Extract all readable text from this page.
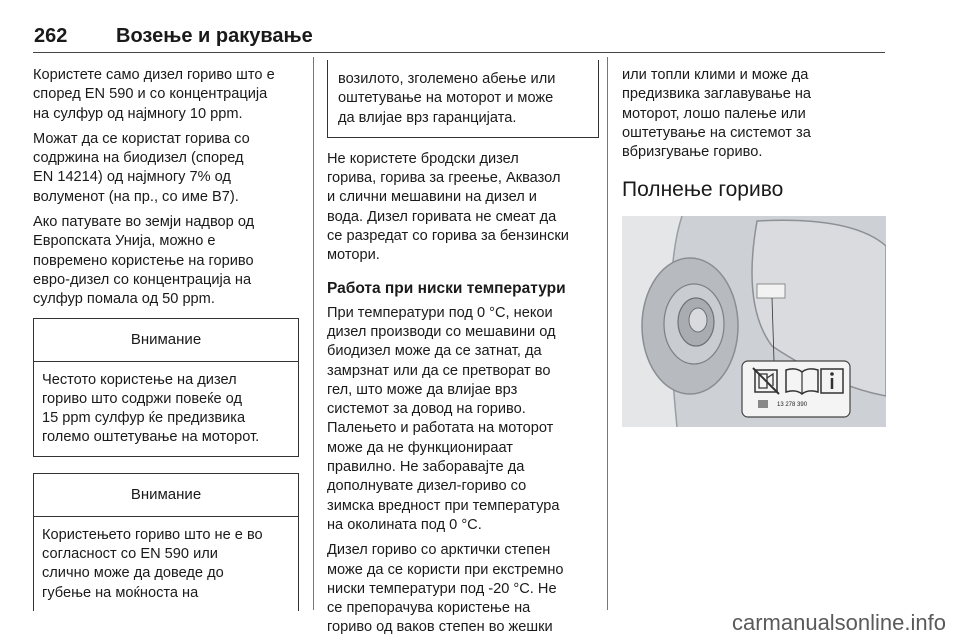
262 Возење и ракување

Користете само дизел гориво што е
според EN 590 и со концентрација
на сулфур од најмногу 10 ppm.

Можат да се користат горива со
содржина на биодизел (според
EN 14214) од најмногу 7% од
волуменот (на пр., со име B7).

Ако патувате во земји надвор од
Европската Унија, можно е
повремено користење на гориво
евро-дизел со концентрација на
сулфур помала од 50 ppm.

Внимание

Честото користење на дизел
гориво што содржи повеќе од
15 ppm сулфур ќе предизвика
големо оштетување на моторот.

Внимание

Користењето гориво што не е во
согласност со EN 590 или
слично може да доведе до
губење на моќноста на

возилото, зголемено абење или
оштетување на моторот и може
да влијае врз гаранцијата.

Не користете бродски дизел
горива, горива за греење, Аквазол
и слични мешавини на дизел и
вода. Дизел горивата не смеат да
се разредат со горива за бензински
мотори.

Работа при ниски температури

При температури под 0 °C, некои
дизел производи со мешавини од
биодизел може да се затнат, да
замрзнат или да се претворат во
гел, што може да влијае врз
системот за довод на гориво.
Палењето и работата на моторот
може да не функционираат
правилно. Не заборавајте да
дополнувате дизел-гориво со
зимска вредност при температура
на околината под 0 °C.

Дизел гориво со арктички степен
може да се користи при екстремно
ниски температури под -20 °C. Не
се препорачува користење на
гориво од ваков степен во жешки

или топли клими и може да
предизвика заглавување на
моторот, лошо палење или
оштетување на системот за
вбризгување гориво.

Полнење гориво
13 278 390
carmanualsonline.info
